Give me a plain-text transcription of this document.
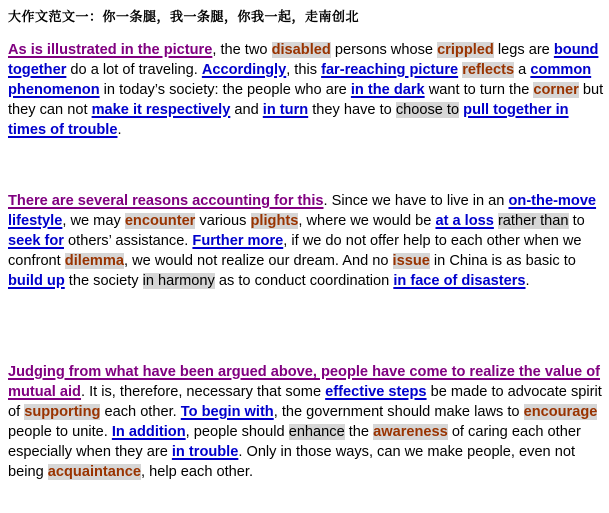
大作文范文一：你一条腿，我一条腿，你我一起，走南创北

As is illustrated in the picture, the two disabled persons whose crippled legs are bound together do a lot of traveling. Accordingly, this far-reaching picture reflects a common phenomenon in today’s society: the people who are in the dark want to turn the corner but they can not make it respectively and in turn they have to choose to pull together in times of trouble.

There are several reasons accounting for this. Since we have to live in an on-the-move lifestyle, we may encounter various plights, where we would be at a loss rather than to seek for others’ assistance. Further more, if we do not offer help to each other when we confront dilemma, we would not realize our dream. And no issue in China is as basic to build up the society in harmony as to conduct coordination in face of disasters.

Judging from what have been argued above, people have come to realize the value of mutual aid. It is, therefore, necessary that some effective steps be made to advocate spirit of supporting each other. To begin with, the government should make laws to encourage people to unite. In addition, people should enhance the awareness of caring each other especially when they are in trouble. Only in those ways, can we make people, even not being acquaintance, help each other.
